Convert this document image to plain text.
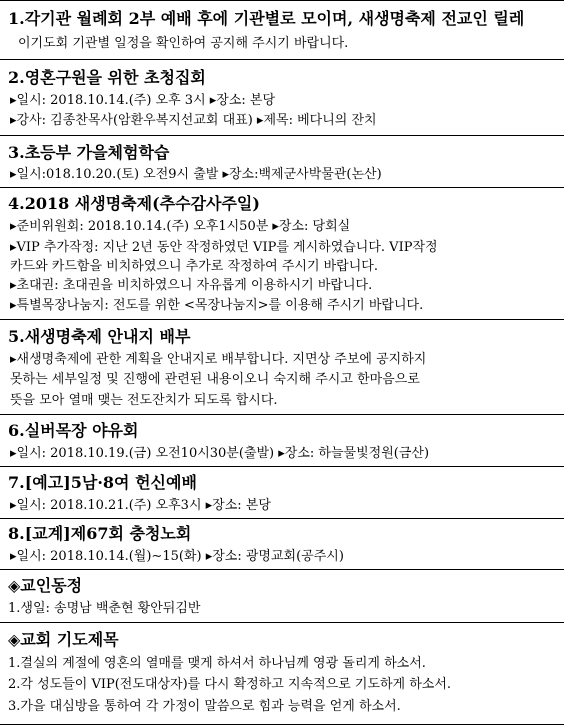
1.각기관 월례회 2부 예배 후에 기관별로 모이며, 새생명축제 전교인 릴레
이기도회 기관별 일정을 확인하여 공지해 주시기 바랍니다.
2.영혼구원을 위한 초청집회
▸일시: 2018.10.14.(주) 오후 3시 ▸장소: 본당
▸강사: 김종찬목사(암환우복지선교회 대표) ▸제목: 베다니의 잔치
3.초등부 가을체험학습
▸일시:018.10.20.(토) 오전9시 출발 ▸장소:백제군사박물관(논산)
4.2018 새생명축제(추수감사주일)
▸준비위원회: 2018.10.14.(주) 오후1시50분 ▸장소: 당회실
▸VIP 추가작정: 지난 2년 동안 작정하였던 VIP를 게시하였습니다. VIP작정
카드와 카드함을 비치하였으니 추가로 작정하여 주시기 바랍니다.
▸초대권: 초대권을 비치하였으니 자유롭게 이용하시기 바랍니다.
▸특별목장나눔지: 전도를 위한 <목장나눔지>를 이용해 주시기 바랍니다.
5.새생명축제 안내지 배부
▸새생명축제에 관한 계획을 안내지로 배부합니다. 지면상 주보에 공지하지
못하는 세부일정 및 진행에 관련된 내용이오니 숙지해 주시고 한마음으로
뜻을 모아 열매 맺는 전도잔치가 되도록 합시다.
6.실버목장 야유회
▸일시: 2018.10.19.(금) 오전10시30분(출발) ▸장소: 하늘물빛정원(금산)
7.[예고]5남·8여 헌신예배
▸일시: 2018.10.21.(주) 오후3시 ▸장소: 본당
8.[교계]제67회 충청노회
▸일시: 2018.10.14.(월)∼15(화) ▸장소: 광명교회(공주시)
◈교인동정
1.생일: 송명남 백춘현 황안뒤김반
◈교회 기도제목
1.결실의 계절에 영혼의 열매를 맺게 하셔서 하나님께 영광 돌리게 하소서.
2.각 성도들이 VIP(전도대상자)를 다시 확정하고 지속적으로 기도하게 하소서.
3.가을 대심방을 통하여 각 가정이 말씀으로 힘과 능력을 얻게 하소서.
